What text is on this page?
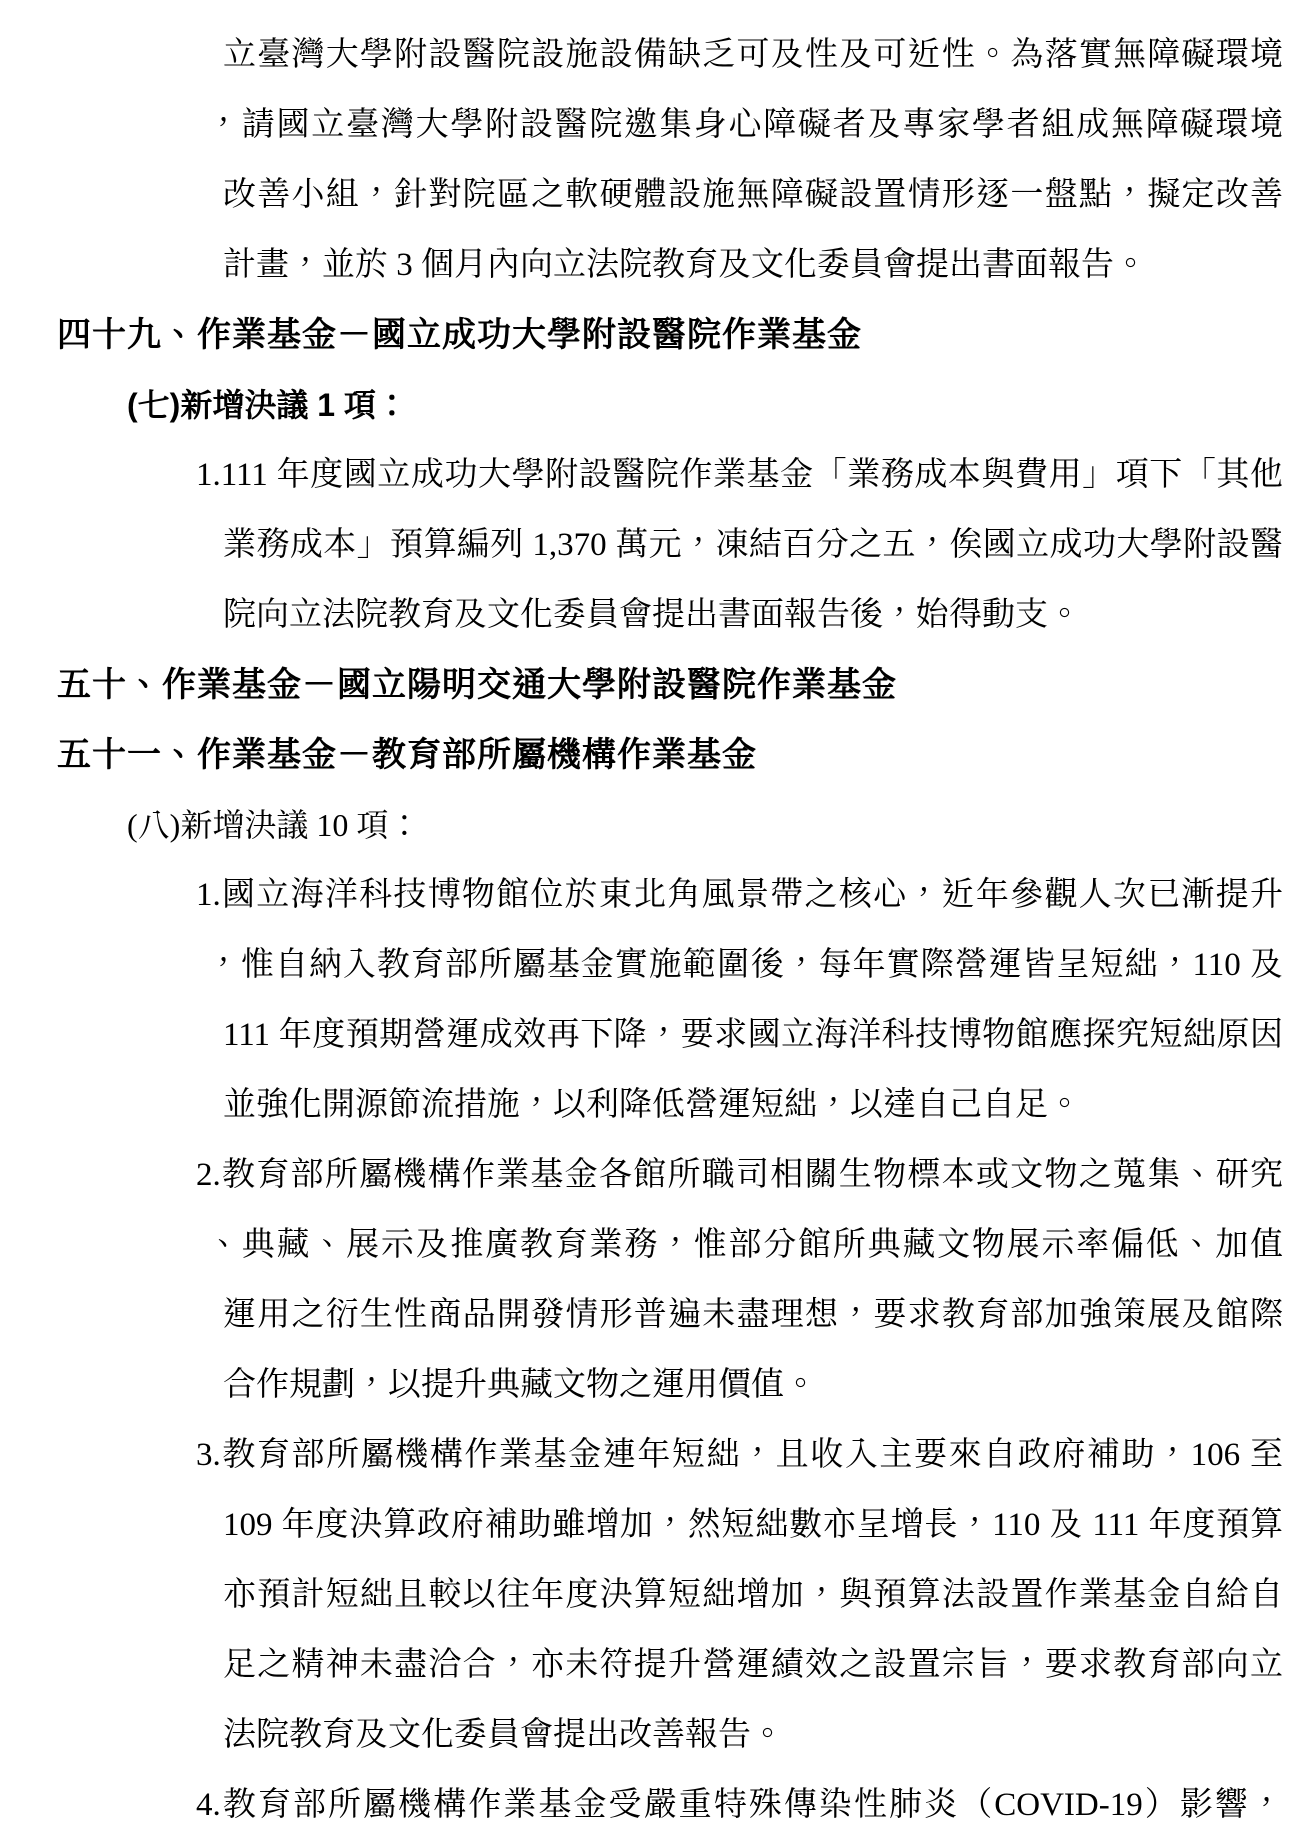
立臺灣大學附設醫院設施設備缺乏可及性及可近性。為落實無障礙環境
，請國立臺灣大學附設醫院邀集身心障礙者及專家學者組成無障礙環境
改善小組，針對院區之軟硬體設施無障礙設置情形逐一盤點，擬定改善
計畫，並於 3 個月內向立法院教育及文化委員會提出書面報告。
四十九、作業基金－國立成功大學附設醫院作業基金
(七)新增決議 1 項：
1.111 年度國立成功大學附設醫院作業基金「業務成本與費用」項下「其他
業務成本」預算編列 1,370 萬元，凍結百分之五，俟國立成功大學附設醫
院向立法院教育及文化委員會提出書面報告後，始得動支。
五十、作業基金－國立陽明交通大學附設醫院作業基金
五十一、作業基金－教育部所屬機構作業基金
(八)新增決議 10 項：
1.國立海洋科技博物館位於東北角風景帶之核心，近年參觀人次已漸提升
，惟自納入教育部所屬基金實施範圍後，每年實際營運皆呈短絀，110 及
111 年度預期營運成效再下降，要求國立海洋科技博物館應探究短絀原因
並強化開源節流措施，以利降低營運短絀，以達自己自足。
2.教育部所屬機構作業基金各館所職司相關生物標本或文物之蒐集、研究
、典藏、展示及推廣教育業務，惟部分館所典藏文物展示率偏低、加值
運用之衍生性商品開發情形普遍未盡理想，要求教育部加強策展及館際
合作規劃，以提升典藏文物之運用價值。
3.教育部所屬機構作業基金連年短絀，且收入主要來自政府補助，106 至
109 年度決算政府補助雖增加，然短絀數亦呈增長，110 及 111 年度預算
亦預計短絀且較以往年度決算短絀增加，與預算法設置作業基金自給自
足之精神未盡洽合，亦未符提升營運績效之設置宗旨，要求教育部向立
法院教育及文化委員會提出改善報告。
4.教育部所屬機構作業基金受嚴重特殊傳染性肺炎（COVID-19）影響，
